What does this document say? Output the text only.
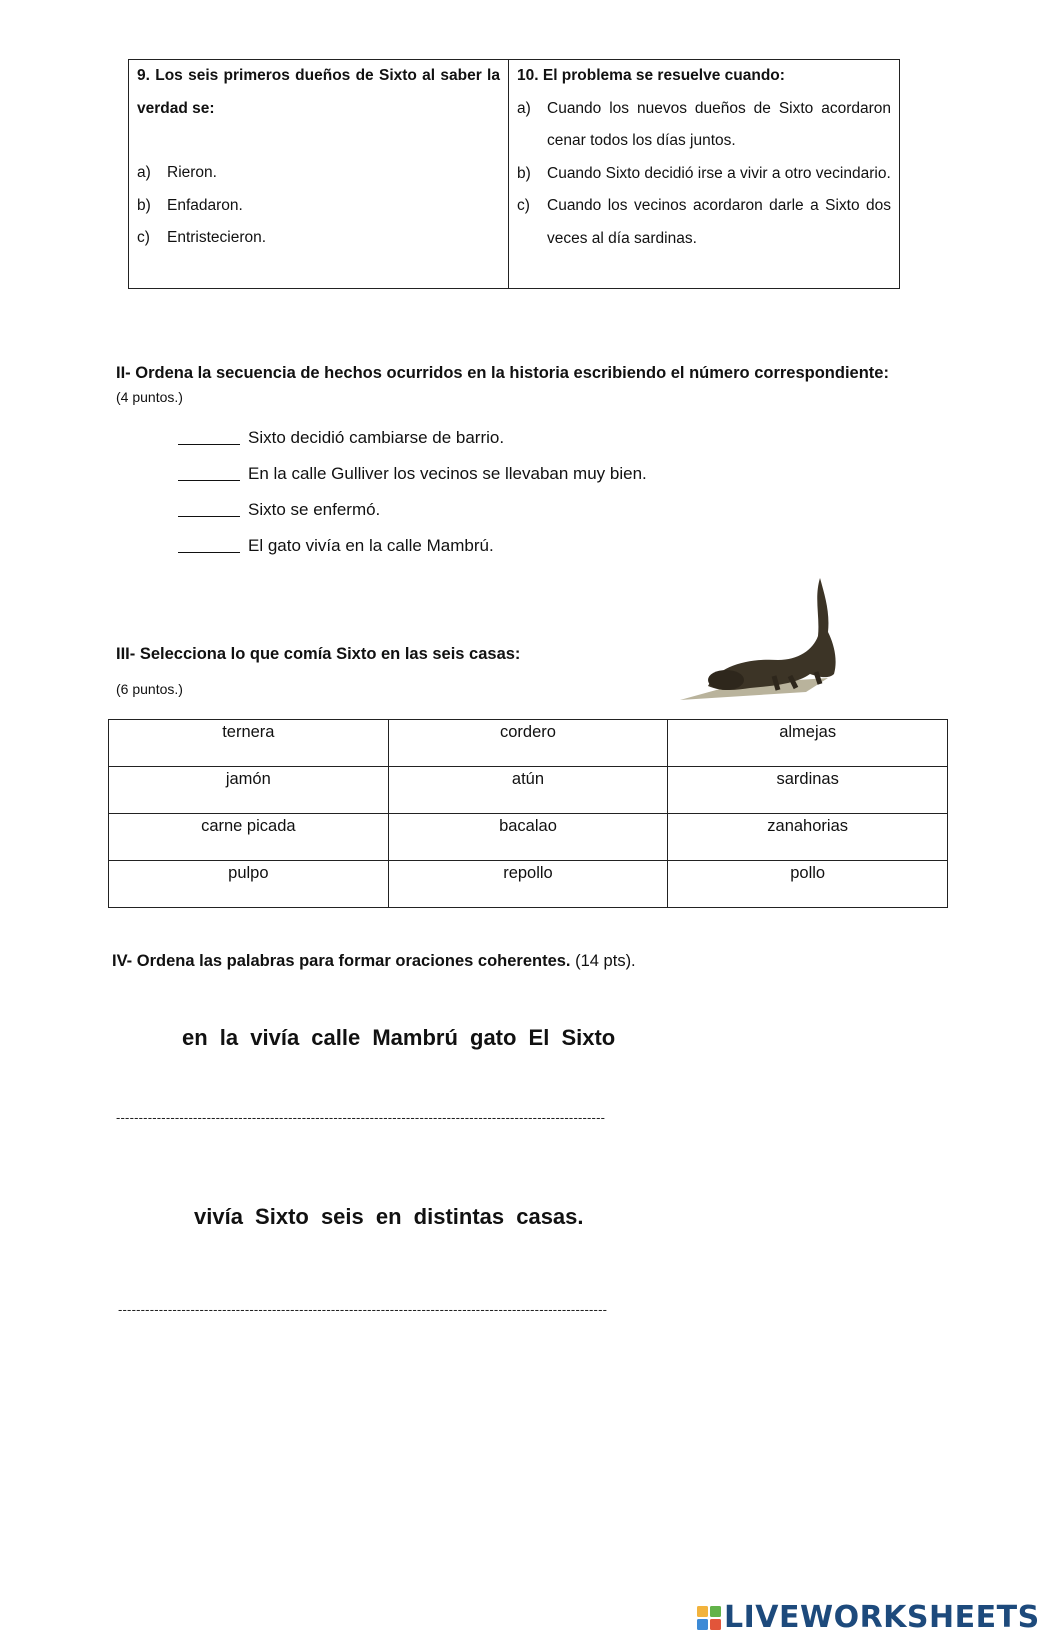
9. Los seis primeros dueños de Sixto al saber la verdad se:
a)	Rieron.
b)	Enfadaron.
c)	Entristecieron.
10. El problema se resuelve cuando:
a)	Cuando los nuevos dueños de Sixto acordaron cenar todos los días juntos.
b)	Cuando Sixto decidió irse a vivir a otro vecindario.
c)	Cuando los vecinos acordaron darle a Sixto dos veces al día sardinas.
II- Ordena la secuencia de hechos ocurridos en la historia escribiendo el número correspondiente:
(4 puntos.)
Sixto decidió cambiarse de barrio.
En la calle Gulliver los vecinos se llevaban muy bien.
Sixto se enfermó.
El gato vivía en la calle Mambrú.
III- Selecciona lo que comía Sixto en las seis casas:
(6 puntos.)
ternera	cordero	almejas
jamón	atún	sardinas
carne picada	bacalao	zanahorias
pulpo	repollo	pollo
IV- Ordena las palabras para formar oraciones coherentes. (14 pts).
en la vivía calle Mambrú gato El Sixto
------------------------------------------------------------------------------------------------------------
vivía Sixto seis en distintas casas.
------------------------------------------------------------------------------------------------------------
LIVEWORKSHEETS
